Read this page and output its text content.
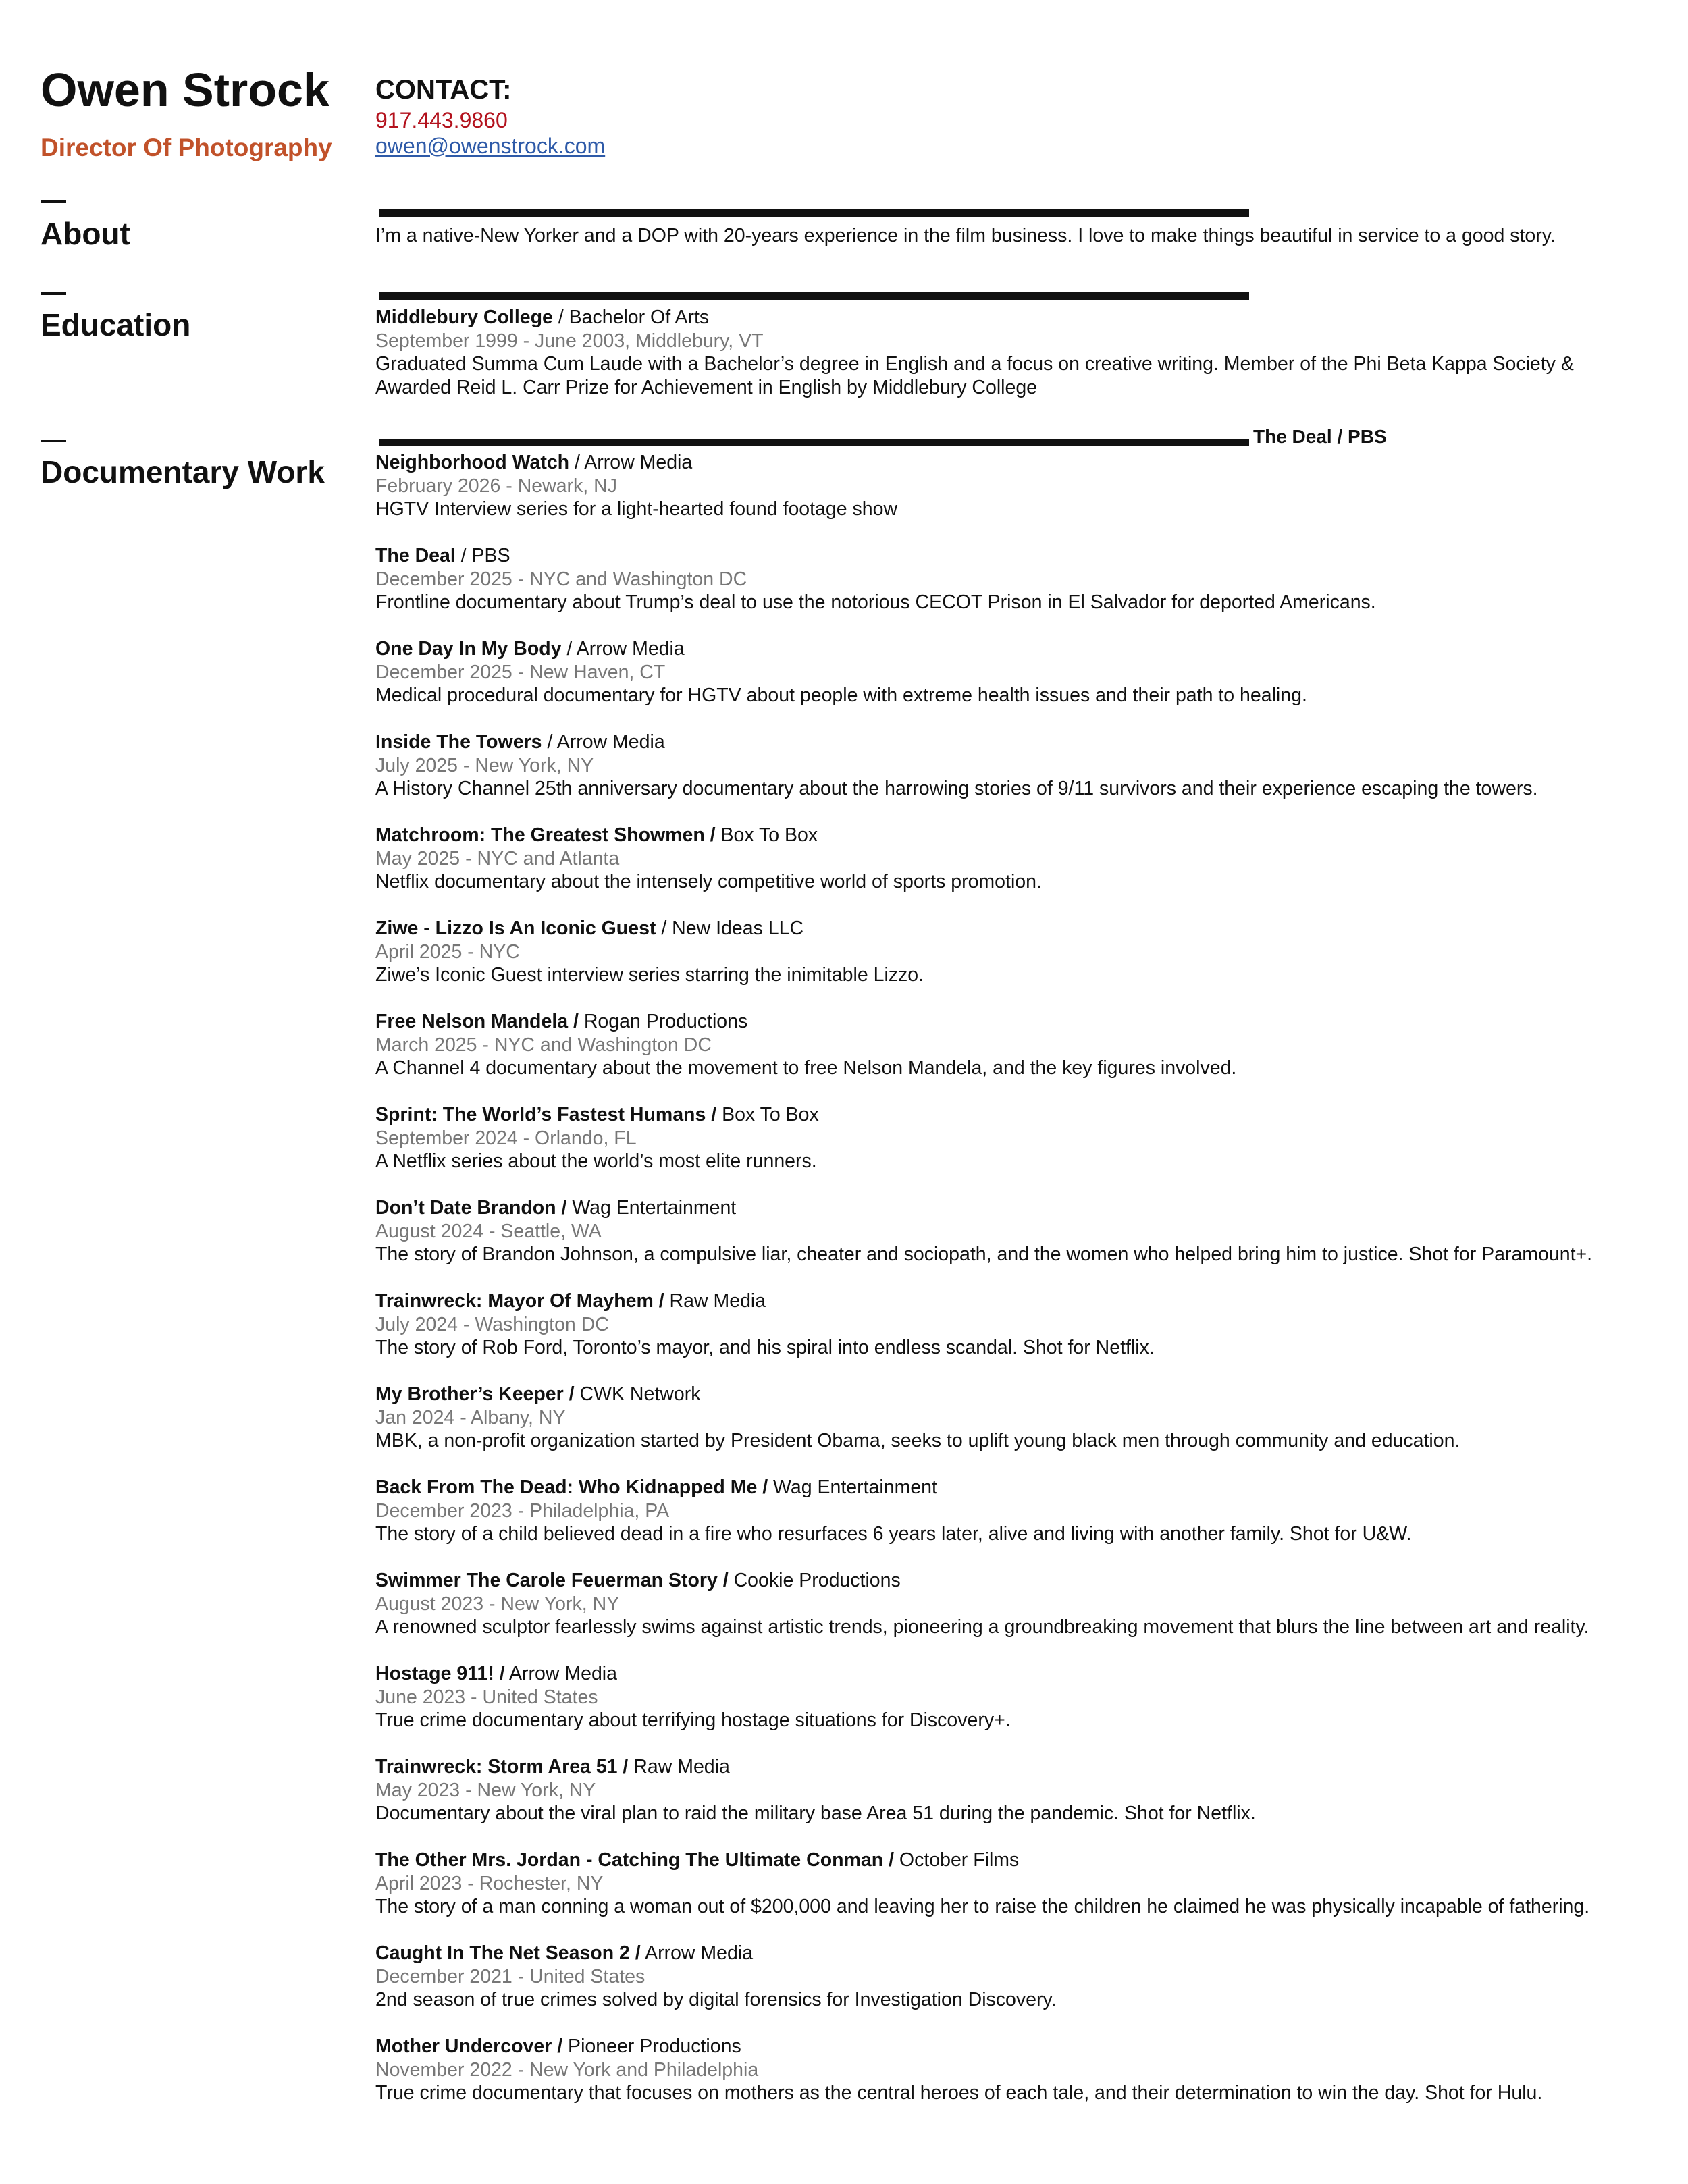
Owen Strock
Director Of Photography
About
Education
Documentary Work
CONTACT:
917.443.9860
owen@owenstrock.com
I’m a native-New Yorker and a DOP with 20-years experience in the film business. I love to make things beautiful in service to a good story.
Middlebury College / Bachelor Of Arts
September 1999 - June 2003, Middlebury, VT
Graduated Summa Cum Laude with a Bachelor’s degree in English and a focus on creative writing. Member of the Phi Beta Kappa Society & Awarded Reid L. Carr Prize for Achievement in English by Middlebury College
The Deal / PBS
Neighborhood Watch / Arrow Media
February 2026 - Newark, NJ
HGTV Interview series for a light-hearted found footage show
The Deal / PBS
December 2025 - NYC and Washington DC
Frontline documentary about Trump’s deal to use the notorious CECOT Prison in El Salvador for deported Americans.
One Day In My Body / Arrow Media
December 2025 - New Haven, CT
Medical procedural documentary for HGTV about people with extreme health issues and their path to healing.
Inside The Towers / Arrow Media
July 2025 - New York, NY
A History Channel 25th anniversary documentary about the harrowing stories of 9/11 survivors and their experience escaping the towers.
Matchroom: The Greatest Showmen / Box To Box
May 2025 - NYC and Atlanta
Netflix documentary about the intensely competitive world of sports promotion.
Ziwe - Lizzo Is An Iconic Guest / New Ideas LLC
April 2025 - NYC
Ziwe’s Iconic Guest interview series starring the inimitable Lizzo.
Free Nelson Mandela / Rogan Productions
March 2025 - NYC and Washington DC
A Channel 4 documentary about the movement to free Nelson Mandela, and the key figures involved.
Sprint: The World’s Fastest Humans / Box To Box
September 2024 - Orlando, FL
A Netflix series about the world’s most elite runners.
Don’t Date Brandon / Wag Entertainment
August 2024 - Seattle, WA
The story of Brandon Johnson, a compulsive liar, cheater and sociopath, and the women who helped bring him to justice. Shot for Paramount+.
Trainwreck: Mayor Of Mayhem / Raw Media
July 2024 - Washington DC
The story of Rob Ford, Toronto’s mayor, and his spiral into endless scandal. Shot for Netflix.
My Brother’s Keeper / CWK Network
Jan 2024 - Albany, NY
MBK, a non-profit organization started by President Obama, seeks to uplift young black men through community and education.
Back From The Dead: Who Kidnapped Me / Wag Entertainment
December 2023 - Philadelphia, PA
The story of a child believed dead in a fire who resurfaces 6 years later, alive and living with another family. Shot for U&W.
Swimmer The Carole Feuerman Story / Cookie Productions
August 2023 - New York, NY
A renowned sculptor fearlessly swims against artistic trends, pioneering a groundbreaking movement that blurs the line between art and reality.
Hostage 911! / Arrow Media
June 2023 - United States
True crime documentary about terrifying hostage situations for Discovery+.
Trainwreck: Storm Area 51 / Raw Media
May 2023 - New York, NY
Documentary about the viral plan to raid the military base Area 51 during the pandemic. Shot for Netflix.
The Other Mrs. Jordan - Catching The Ultimate Conman / October Films
April 2023 - Rochester, NY
The story of a man conning a woman out of $200,000 and leaving her to raise the children he claimed he was physically incapable of fathering.
Caught In The Net Season 2 / Arrow Media
December 2021 - United States
2nd season of true crimes solved by digital forensics for Investigation Discovery.
Mother Undercover / Pioneer Productions
November 2022 - New York and Philadelphia
True crime documentary that focuses on mothers as the central heroes of each tale, and their determination to win the day. Shot for Hulu.
